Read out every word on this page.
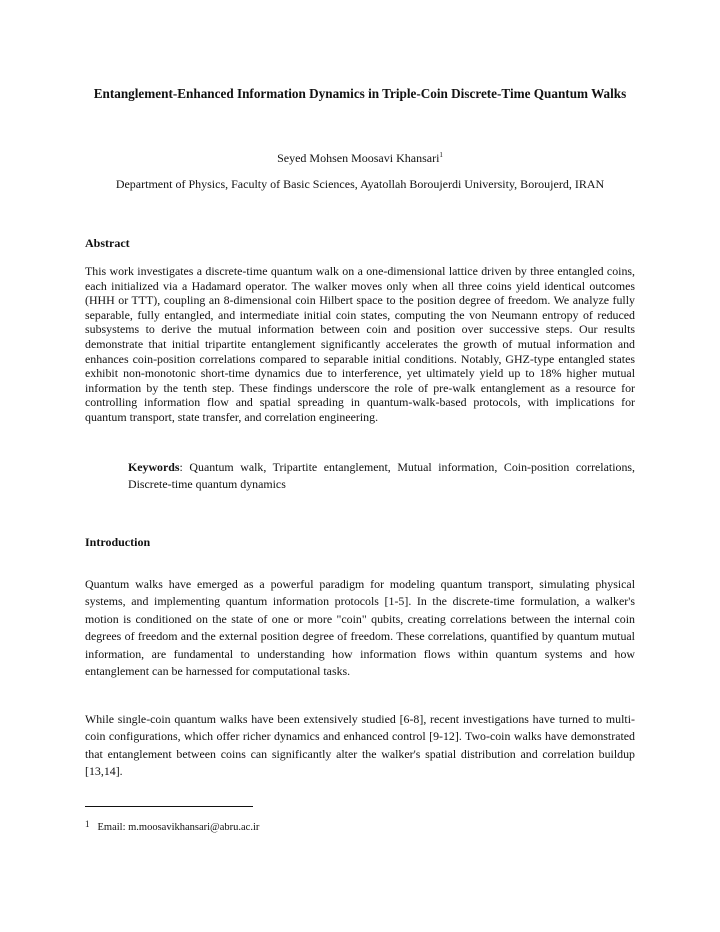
Entanglement-Enhanced Information Dynamics in Triple-Coin Discrete-Time Quantum Walks
Seyed Mohsen Moosavi Khansari$^1$
Department of Physics, Faculty of Basic Sciences, Ayatollah Boroujerdi University, Boroujerd, IRAN
Abstract

This work investigates a discrete-time quantum walk on a one-dimensional lattice driven by three entangled coins, each initialized via a Hadamard operator. The walker moves only when all three coins yield identical outcomes (HHH or TTT), coupling an 8-dimensional coin Hilbert space to the position degree of freedom. We analyze fully separable, fully entangled, and intermediate initial coin states, computing the von Neumann entropy of reduced subsystems to derive the mutual information between coin and position over successive steps. Our results demonstrate that initial tripartite entanglement significantly accelerates the growth of mutual information and enhances coin-position correlations compared to separable initial conditions. Notably, GHZ-type entangled states exhibit non-monotonic short-time dynamics due to interference, yet ultimately yield up to 18% higher mutual information by the tenth step. These findings underscore the role of pre-walk entanglement as a resource for controlling information flow and spatial spreading in quantum-walk-based protocols, with implications for quantum transport, state transfer, and correlation engineering.

Keywords: Quantum walk, Tripartite entanglement, Mutual information, Coin-position correlations, Discrete-time quantum dynamics

Introduction

Quantum walks have emerged as a powerful paradigm for modeling quantum transport, simulating physical systems, and implementing quantum information protocols [1-5]. In the discrete-time formulation, a walker's motion is conditioned on the state of one or more "coin" qubits, creating correlations between the internal coin degrees of freedom and the external position degree of freedom. These correlations, quantified by quantum mutual information, are fundamental to understanding how information flows within quantum systems and how entanglement can be harnessed for computational tasks.

While single-coin quantum walks have been extensively studied [6-8], recent investigations have turned to multi-coin configurations, which offer richer dynamics and enhanced control [9-12]. Two-coin walks have demonstrated that entanglement between coins can significantly alter the walker's spatial distribution and correlation buildup [13,14].

1 Email: m.moosavikhansari@abru.ac.ir
